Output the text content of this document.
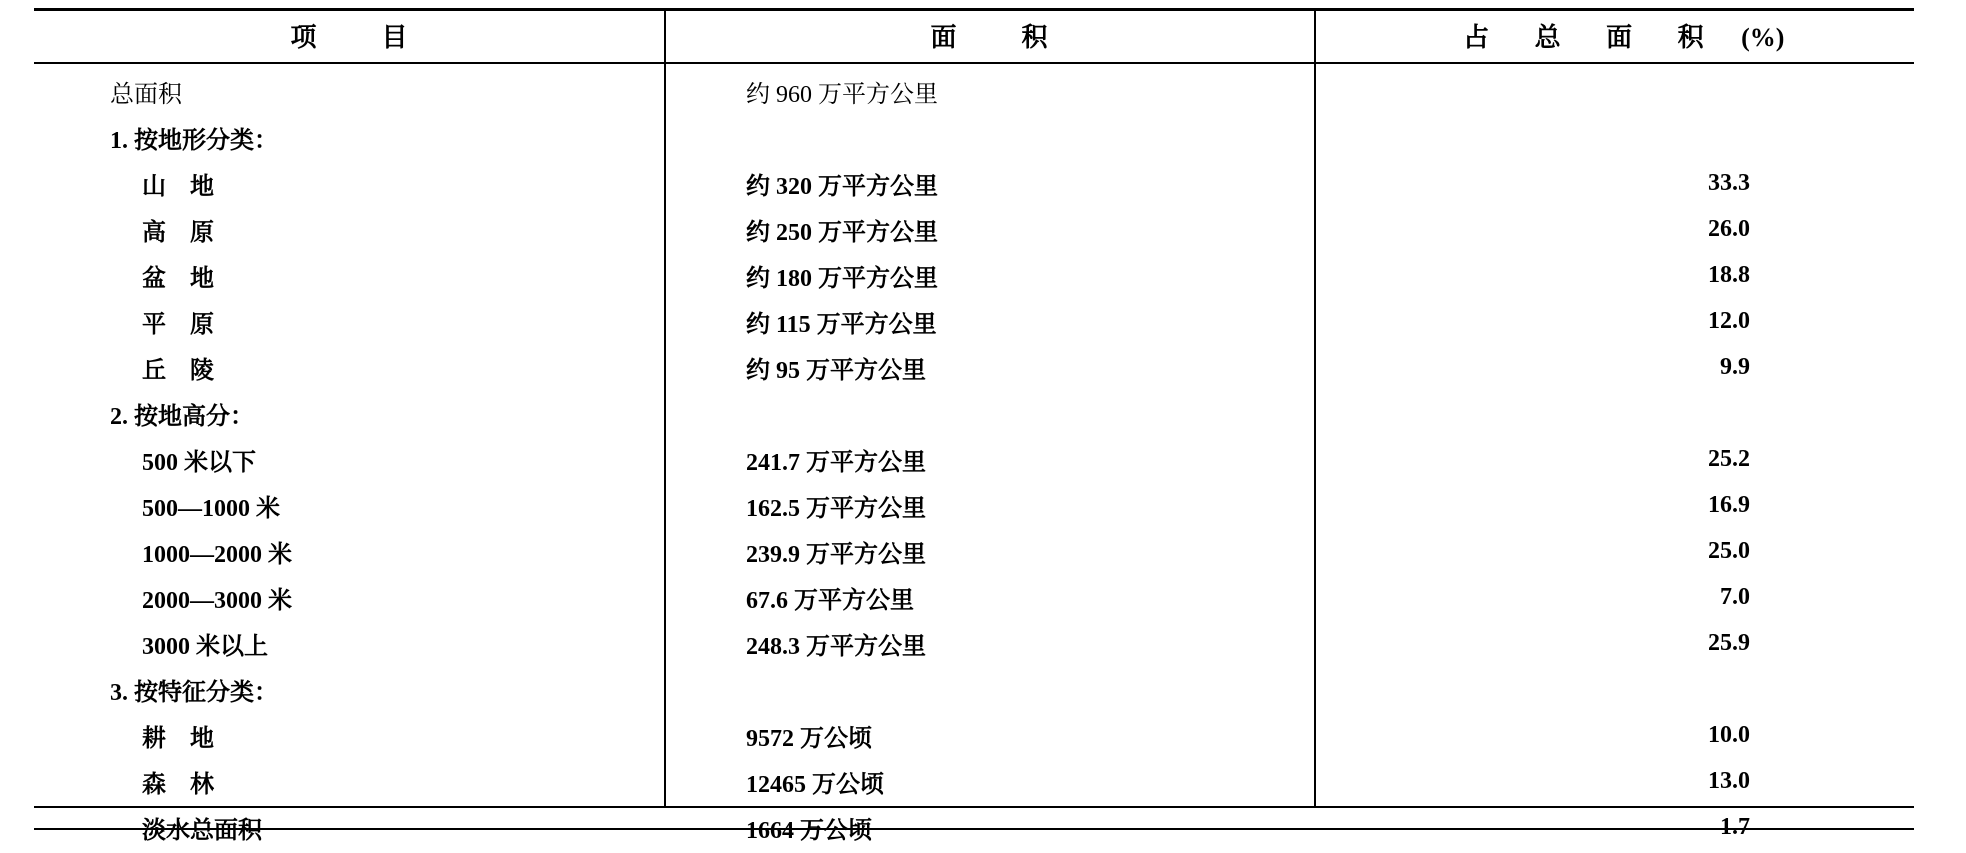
项　目	面　积	占 总 面 积 (%)

总面积	约 960 万平方公里	
1. 按地形分类：		
山　地	约 320 万平方公里	33.3
高　原	约 250 万平方公里	26.0
盆　地	约 180 万平方公里	18.8
平　原	约 115 万平方公里	12.0
丘　陵	约 95 万平方公里	9.9
2. 按地高分：		
500 米以下	241.7 万平方公里	25.2
500—1000 米	162.5 万平方公里	16.9
1000—2000 米	239.9 万平方公里	25.0
2000—3000 米	67.6 万平方公里	7.0
3000 米以上	248.3 万平方公里	25.9
3. 按特征分类：		
耕　地	9572 万公顷	10.0
森　林	12465 万公顷	13.0
淡水总面积	1664 万公顷	1.7
